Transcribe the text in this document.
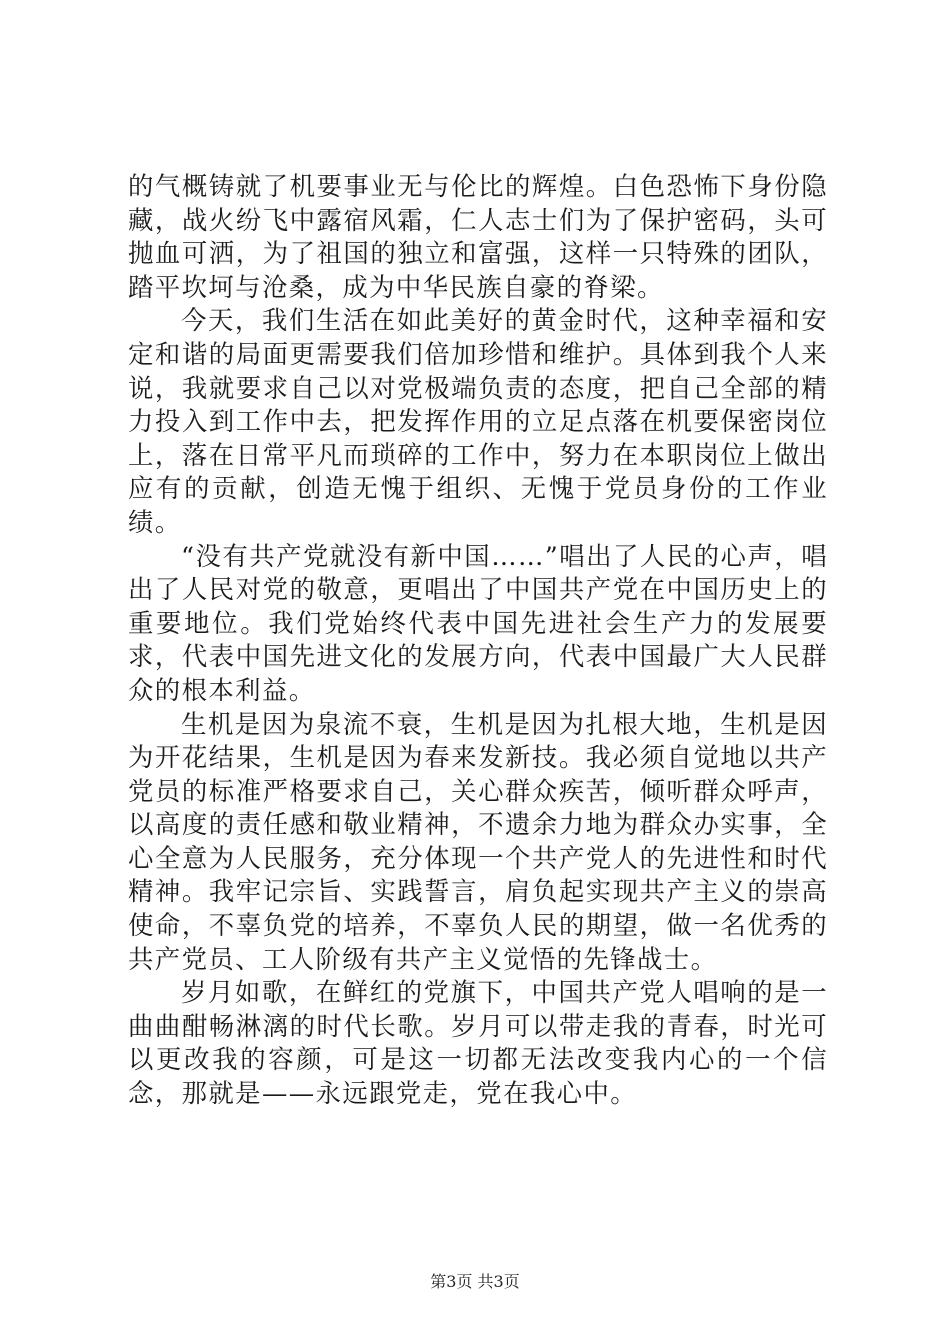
的气概铸就了机要事业无与伦比的辉煌。白色恐怖下身份隐藏，战火纷飞中露宿风霜，仁人志士们为了保护密码，头可抛血可洒，为了祖国的独立和富强，这样一只特殊的团队，踏平坎坷与沧桑，成为中华民族自豪的脊梁。

今天，我们生活在如此美好的黄金时代，这种幸福和安定和谐的局面更需要我们倍加珍惜和维护。具体到我个人来说，我就要求自己以对党极端负责的态度，把自己全部的精力投入到工作中去，把发挥作用的立足点落在机要保密岗位上，落在日常平凡而琐碎的工作中，努力在本职岗位上做出应有的贡献，创造无愧于组织、无愧于党员身份的工作业绩。

“没有共产党就没有新中国……”唱出了人民的心声，唱出了人民对党的敬意，更唱出了中国共产党在中国历史上的重要地位。我们党始终代表中国先进社会生产力的发展要求，代表中国先进文化的发展方向，代表中国最广大人民群众的根本利益。

生机是因为泉流不衰，生机是因为扎根大地，生机是因为开花结果，生机是因为春来发新技。我必须自觉地以共产党员的标准严格要求自己，关心群众疾苦，倾听群众呼声，以高度的责任感和敬业精神，不遗余力地为群众办实事，全心全意为人民服务，充分体现一个共产党人的先进性和时代精神。我牢记宗旨、实践誓言，肩负起实现共产主义的崇高使命，不辜负党的培养，不辜负人民的期望，做一名优秀的共产党员、工人阶级有共产主义觉悟的先锋战士。

岁月如歌，在鲜红的党旗下，中国共产党人唱响的是一曲曲酣畅淋漓的时代长歌。岁月可以带走我的青春，时光可以更改我的容颜，可是这一切都无法改变我内心的一个信念，那就是——永远跟党走，党在我心中。

第3页 共3页
